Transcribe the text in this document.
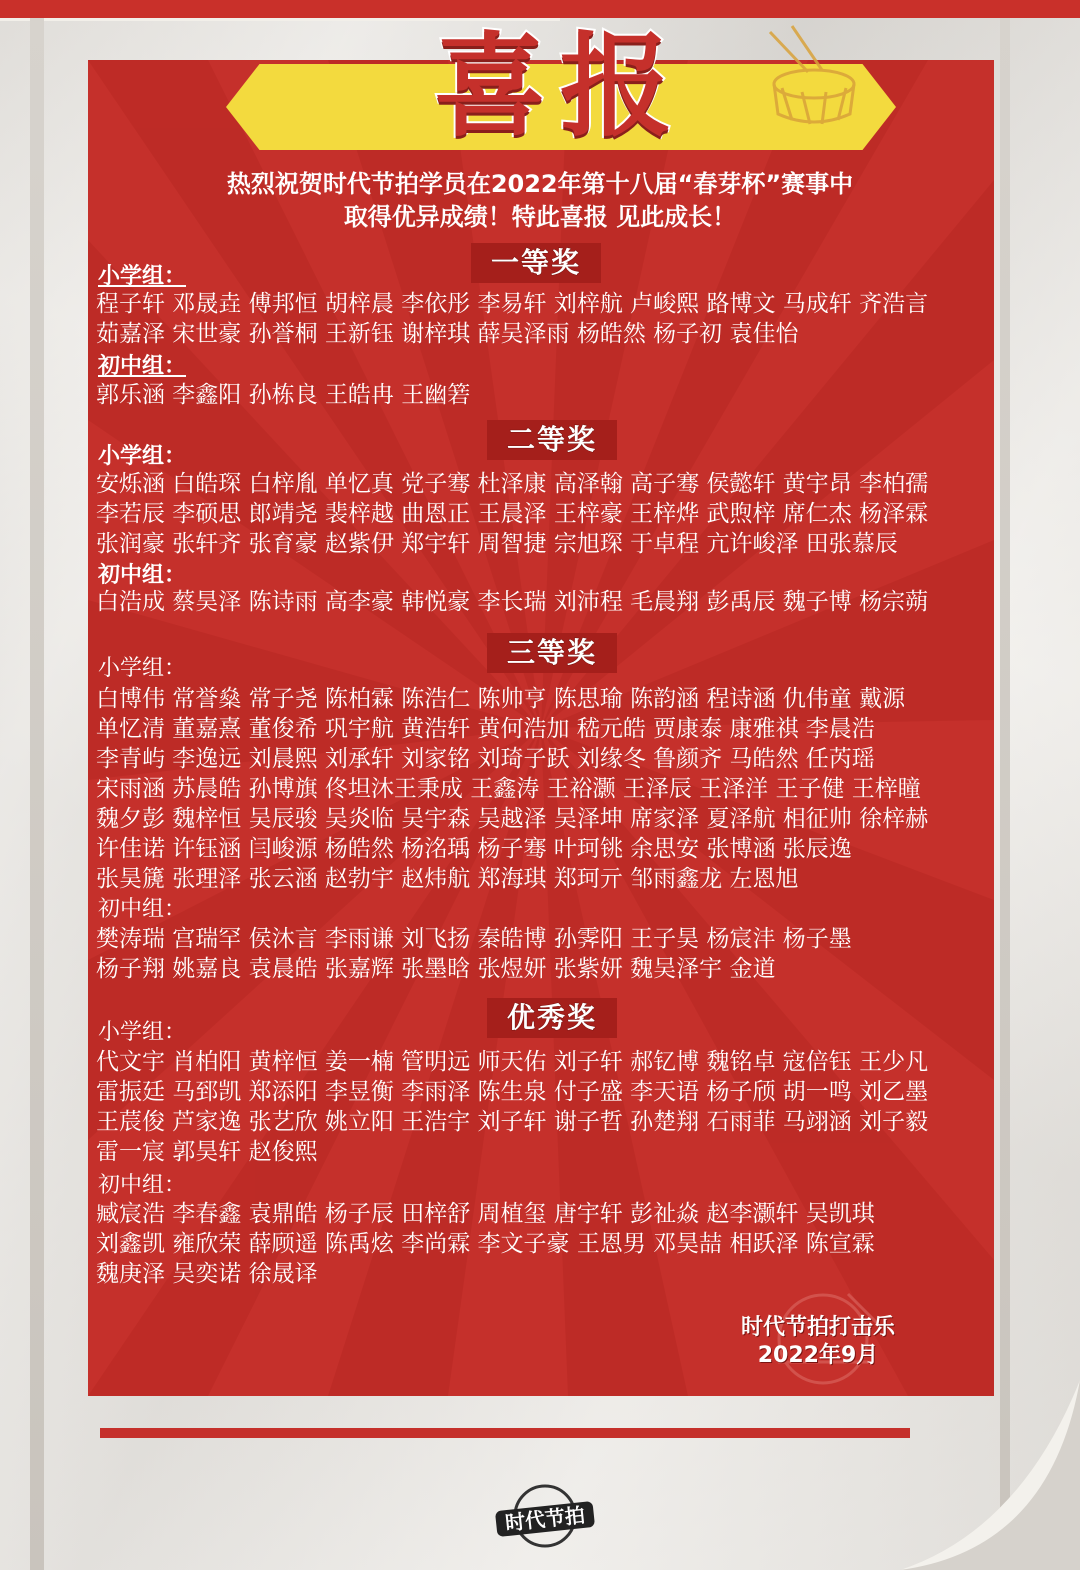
喜报
热烈祝贺时代节拍学员在2022年第十八届“春芽杯”赛事中
取得优异成绩！特此喜报 见此成长！
一等奖
小学组：
程子轩 邓晟垚 傅邦恒 胡梓晨 李依彤 李易轩 刘梓航 卢峻熙 路博文 马成轩 齐浩言
茹嘉泽 宋世豪 孙誉桐 王新钰 谢梓琪 薛吴泽雨 杨皓然 杨子初 袁佳怡
初中组：
郭乐涵 李鑫阳 孙栋良 王皓冉 王幽箬
二等奖
小学组：
安烁涵 白皓琛 白梓胤 单忆真 党子骞 杜泽康 高泽翰 高子骞 侯懿轩 黄宇昂 李柏孺
李若辰 李硕思 郎靖尧 裴梓越 曲恩正 王晨泽 王梓豪 王梓烨 武煦梓 席仁杰 杨泽霖
张润豪 张轩齐 张育豪 赵紫伊 郑宇轩 周智捷 宗旭琛 于卓程 亢许峻泽 田张慕辰
初中组：
白浩成 蔡昊泽 陈诗雨 高李豪 韩悦豪 李长瑞 刘沛程 毛晨翔 彭禹辰 魏子博 杨宗蒴
三等奖
小学组：
白博伟 常誉燊 常子尧 陈柏霖 陈浩仁 陈帅亨 陈思瑜 陈韵涵 程诗涵 仇伟童 戴源
单忆清 董嘉熹 董俊希 巩宇航 黄浩轩 黄何浩加 嵇元皓 贾康泰 康雅祺 李晨浩
李青屿 李逸远 刘晨熙 刘承轩 刘家铭 刘琦子跃 刘缘冬 鲁颜齐 马皓然 任芮瑶
宋雨涵 苏晨皓 孙博旗 佟坦沐王秉成 王鑫涛 王裕灏 王泽辰 王泽洋 王子健 王梓瞳
魏夕彭 魏梓恒 吴辰骏 吴炎临 吴宇森 吴越泽 吴泽坤 席家泽 夏泽航 相征帅 徐梓赫
许佳诺 许钰涵 闫峻源 杨皓然 杨洺瑀 杨子骞 叶珂铫 余思安 张博涵 张辰逸
张昊篪 张理泽 张云涵 赵勃宇 赵炜航 郑海琪 郑珂亓 邹雨鑫龙 左恩旭
初中组：
樊涛瑞 宫瑞罕 侯沐言 李雨谦 刘飞扬 秦皓博 孙霁阳 王子昊 杨宸沣 杨子墨
杨子翔 姚嘉良 袁晨皓 张嘉辉 张墨晗 张煜妍 张紫妍 魏吴泽宇 金道
优秀奖
小学组：
代文宇 肖柏阳 黄梓恒 姜一楠 管明远 师天佑 刘子轩 郝钇博 魏铭卓 寇倍钰 王少凡
雷振廷 马郅凯 郑添阳 李昱衡 李雨泽 陈生泉 付子盛 李天语 杨子颀 胡一鸣 刘乙墨
王莀俊 芦家逸 张艺欣 姚立阳 王浩宇 刘子轩 谢子哲 孙楚翔 石雨菲 马翊涵 刘子毅
雷一宸 郭昊轩 赵俊熙
初中组：
臧宸浩 李春鑫 袁鼎皓 杨子辰 田梓舒 周植玺 唐宇轩 彭祉焱 赵李灏轩 吴凯琪
刘鑫凯 雍欣荣 薛顾遥 陈禹炫 李尚霖 李文子豪 王恩男 邓昊喆 相跃泽 陈宣霖
魏庚泽 吴奕诺 徐晟译
时代节拍打击乐
2022年9月
时代节拍
